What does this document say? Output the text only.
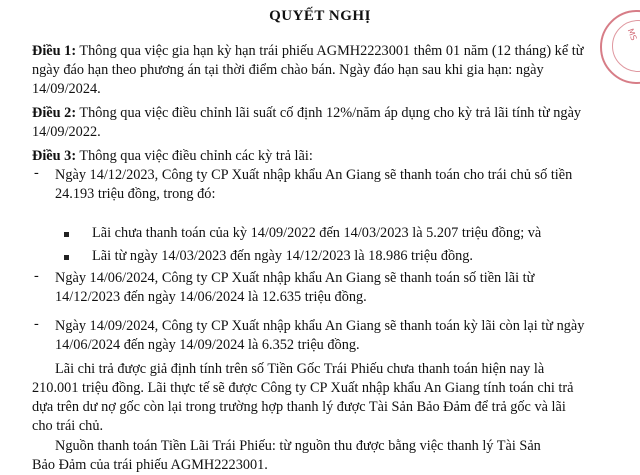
MS
QUYẾT NGHỊ
Điều 1: Thông qua việc gia hạn kỳ hạn trái phiếu AGMH2223001 thêm 01 năm (12 tháng) kể từ
ngày đáo hạn theo phương án tại thời điểm chào bán. Ngày đáo hạn sau khi gia hạn: ngày
14/09/2024.
Điều 2: Thông qua việc điều chỉnh lãi suất cố định 12%/năm áp dụng cho kỳ trả lãi tính từ ngày
14/09/2022.
Điều 3: Thông qua việc điều chỉnh các kỳ trả lãi:
- Ngày 14/12/2023, Công ty CP Xuất nhập khẩu An Giang sẽ thanh toán cho trái chủ số tiền
24.193 triệu đồng, trong đó:
Lãi chưa thanh toán của kỳ 14/09/2022 đến 14/03/2023 là 5.207 triệu đồng; và
Lãi từ ngày 14/03/2023 đến ngày 14/12/2023 là 18.986 triệu đồng.
- Ngày 14/06/2024, Công ty CP Xuất nhập khẩu An Giang sẽ thanh toán số tiền lãi từ
14/12/2023 đến ngày 14/06/2024 là 12.635 triệu đồng.
- Ngày 14/09/2024, Công ty CP Xuất nhập khẩu An Giang sẽ thanh toán kỳ lãi còn lại từ ngày
14/06/2024 đến ngày 14/09/2024 là 6.352 triệu đồng.
Lãi chi trả được giả định tính trên số Tiền Gốc Trái Phiếu chưa thanh toán hiện nay là
210.001 triệu đồng. Lãi thực tế sẽ được Công ty CP Xuất nhập khẩu An Giang tính toán chi trả
dựa trên dư nợ gốc còn lại trong trường hợp thanh lý được Tài Sản Bảo Đảm để trả gốc và lãi
cho trái chủ.
Nguồn thanh toán Tiền Lãi Trái Phiếu: từ nguồn thu được bằng việc thanh lý Tài Sản
Bảo Đảm của trái phiếu AGMH2223001.
